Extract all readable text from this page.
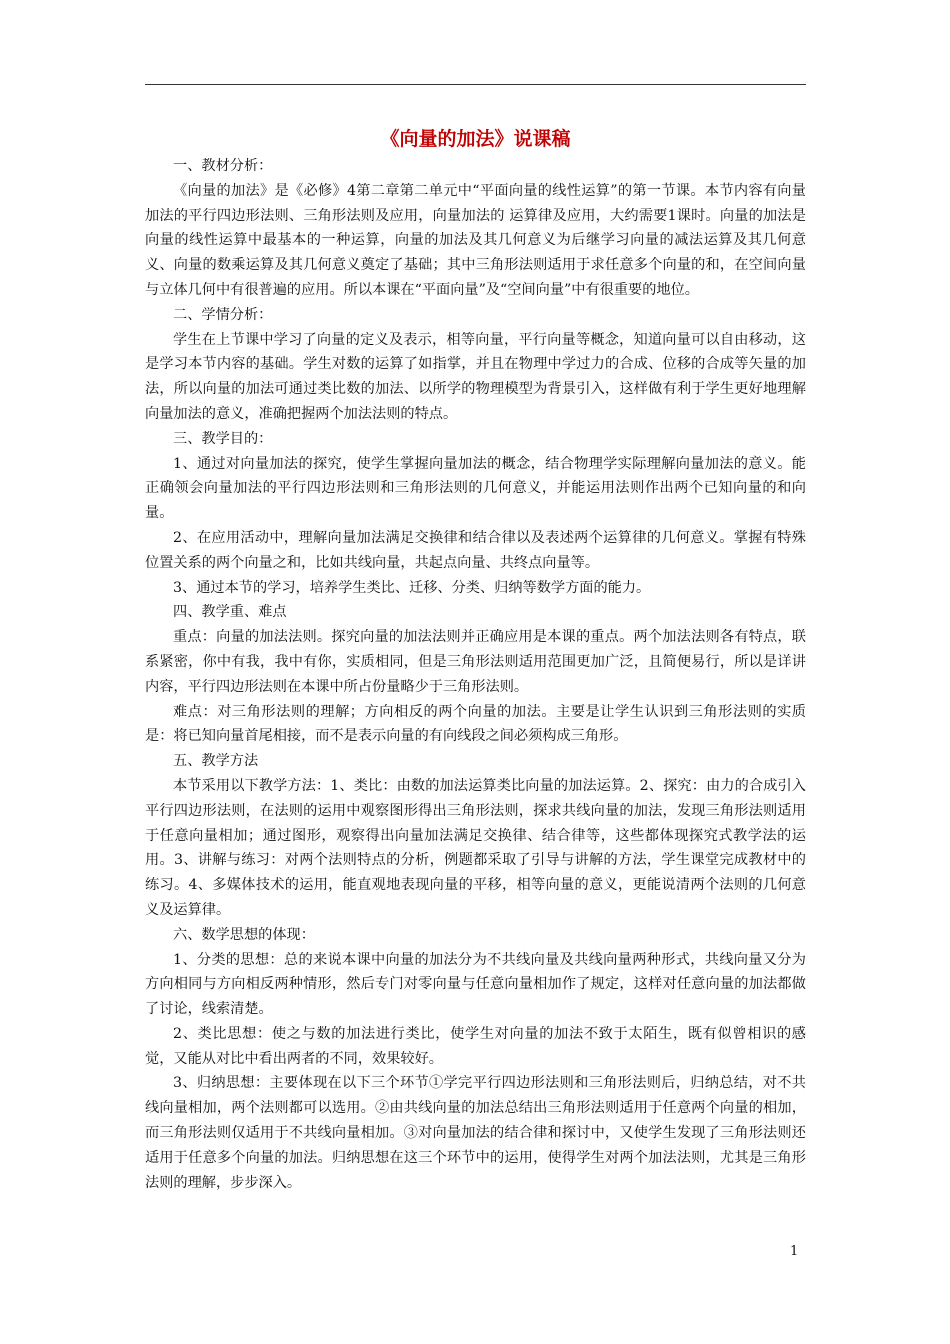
《向量的加法》说课稿

一、教材分析：

《向量的加法》是《必修》4第二章第二单元中“平面向量的线性运算”的第一节课。本节内容有向量加法的平行四边形法则、三角形法则及应用，向量加法的 运算律及应用，大约需要1课时。向量的加法是向量的线性运算中最基本的一种运算，向量的加法及其几何意义为后继学习向量的减法运算及其几何意义、向量的数乘运算及其几何意义奠定了基础；其中三角形法则适用于求任意多个向量的和，在空间向量与立体几何中有很普遍的应用。所以本课在“平面向量”及“空间向量”中有很重要的地位。

二、学情分析：

学生在上节课中学习了向量的定义及表示，相等向量，平行向量等概念，知道向量可以自由移动，这是学习本节内容的基础。学生对数的运算了如指掌，并且在物理中学过力的合成、位移的合成等矢量的加法，所以向量的加法可通过类比数的加法、以所学的物理模型为背景引入，这样做有利于学生更好地理解向量加法的意义，准确把握两个加法法则的特点。

三、教学目的：

1、通过对向量加法的探究，使学生掌握向量加法的概念，结合物理学实际理解向量加法的意义。能正确领会向量加法的平行四边形法则和三角形法则的几何意义，并能运用法则作出两个已知向量的和向量。

2、在应用活动中，理解向量加法满足交换律和结合律以及表述两个运算律的几何意义。掌握有特殊位置关系的两个向量之和，比如共线向量，共起点向量、共终点向量等。

3、通过本节的学习，培养学生类比、迁移、分类、归纳等数学方面的能力。

四、教学重、难点

重点：向量的加法法则。探究向量的加法法则并正确应用是本课的重点。两个加法法则各有特点，联系紧密，你中有我，我中有你，实质相同，但是三角形法则适用范围更加广泛，且简便易行，所以是详讲内容，平行四边形法则在本课中所占份量略少于三角形法则。

难点：对三角形法则的理解；方向相反的两个向量的加法。主要是让学生认识到三角形法则的实质是：将已知向量首尾相接，而不是表示向量的有向线段之间必须构成三角形。

五、教学方法

本节采用以下教学方法：1、类比：由数的加法运算类比向量的加法运算。2、探究：由力的合成引入平行四边形法则，在法则的运用中观察图形得出三角形法则，探求共线向量的加法，发现三角形法则适用于任意向量相加；通过图形，观察得出向量加法满足交换律、结合律等，这些都体现探究式教学法的运用。3、讲解与练习：对两个法则特点的分析，例题都采取了引导与讲解的方法，学生课堂完成教材中的练习。4、多媒体技术的运用，能直观地表现向量的平移，相等向量的意义，更能说清两个法则的几何意义及运算律。

六、数学思想的体现：

1、分类的思想：总的来说本课中向量的加法分为不共线向量及共线向量两种形式，共线向量又分为方向相同与方向相反两种情形，然后专门对零向量与任意向量相加作了规定，这样对任意向量的加法都做了讨论，线索清楚。

2、类比思想：使之与数的加法进行类比，使学生对向量的加法不致于太陌生，既有似曾相识的感觉，又能从对比中看出两者的不同，效果较好。

3、归纳思想：主要体现在以下三个环节①学完平行四边形法则和三角形法则后，归纳总结，对不共线向量相加，两个法则都可以选用。②由共线向量的加法总结出三角形法则适用于任意两个向量的相加，而三角形法则仅适用于不共线向量相加。③对向量加法的结合律和探讨中，又使学生发现了三角形法则还适用于任意多个向量的加法。归纳思想在这三个环节中的运用，使得学生对两个加法法则，尤其是三角形法则的理解，步步深入。

1
